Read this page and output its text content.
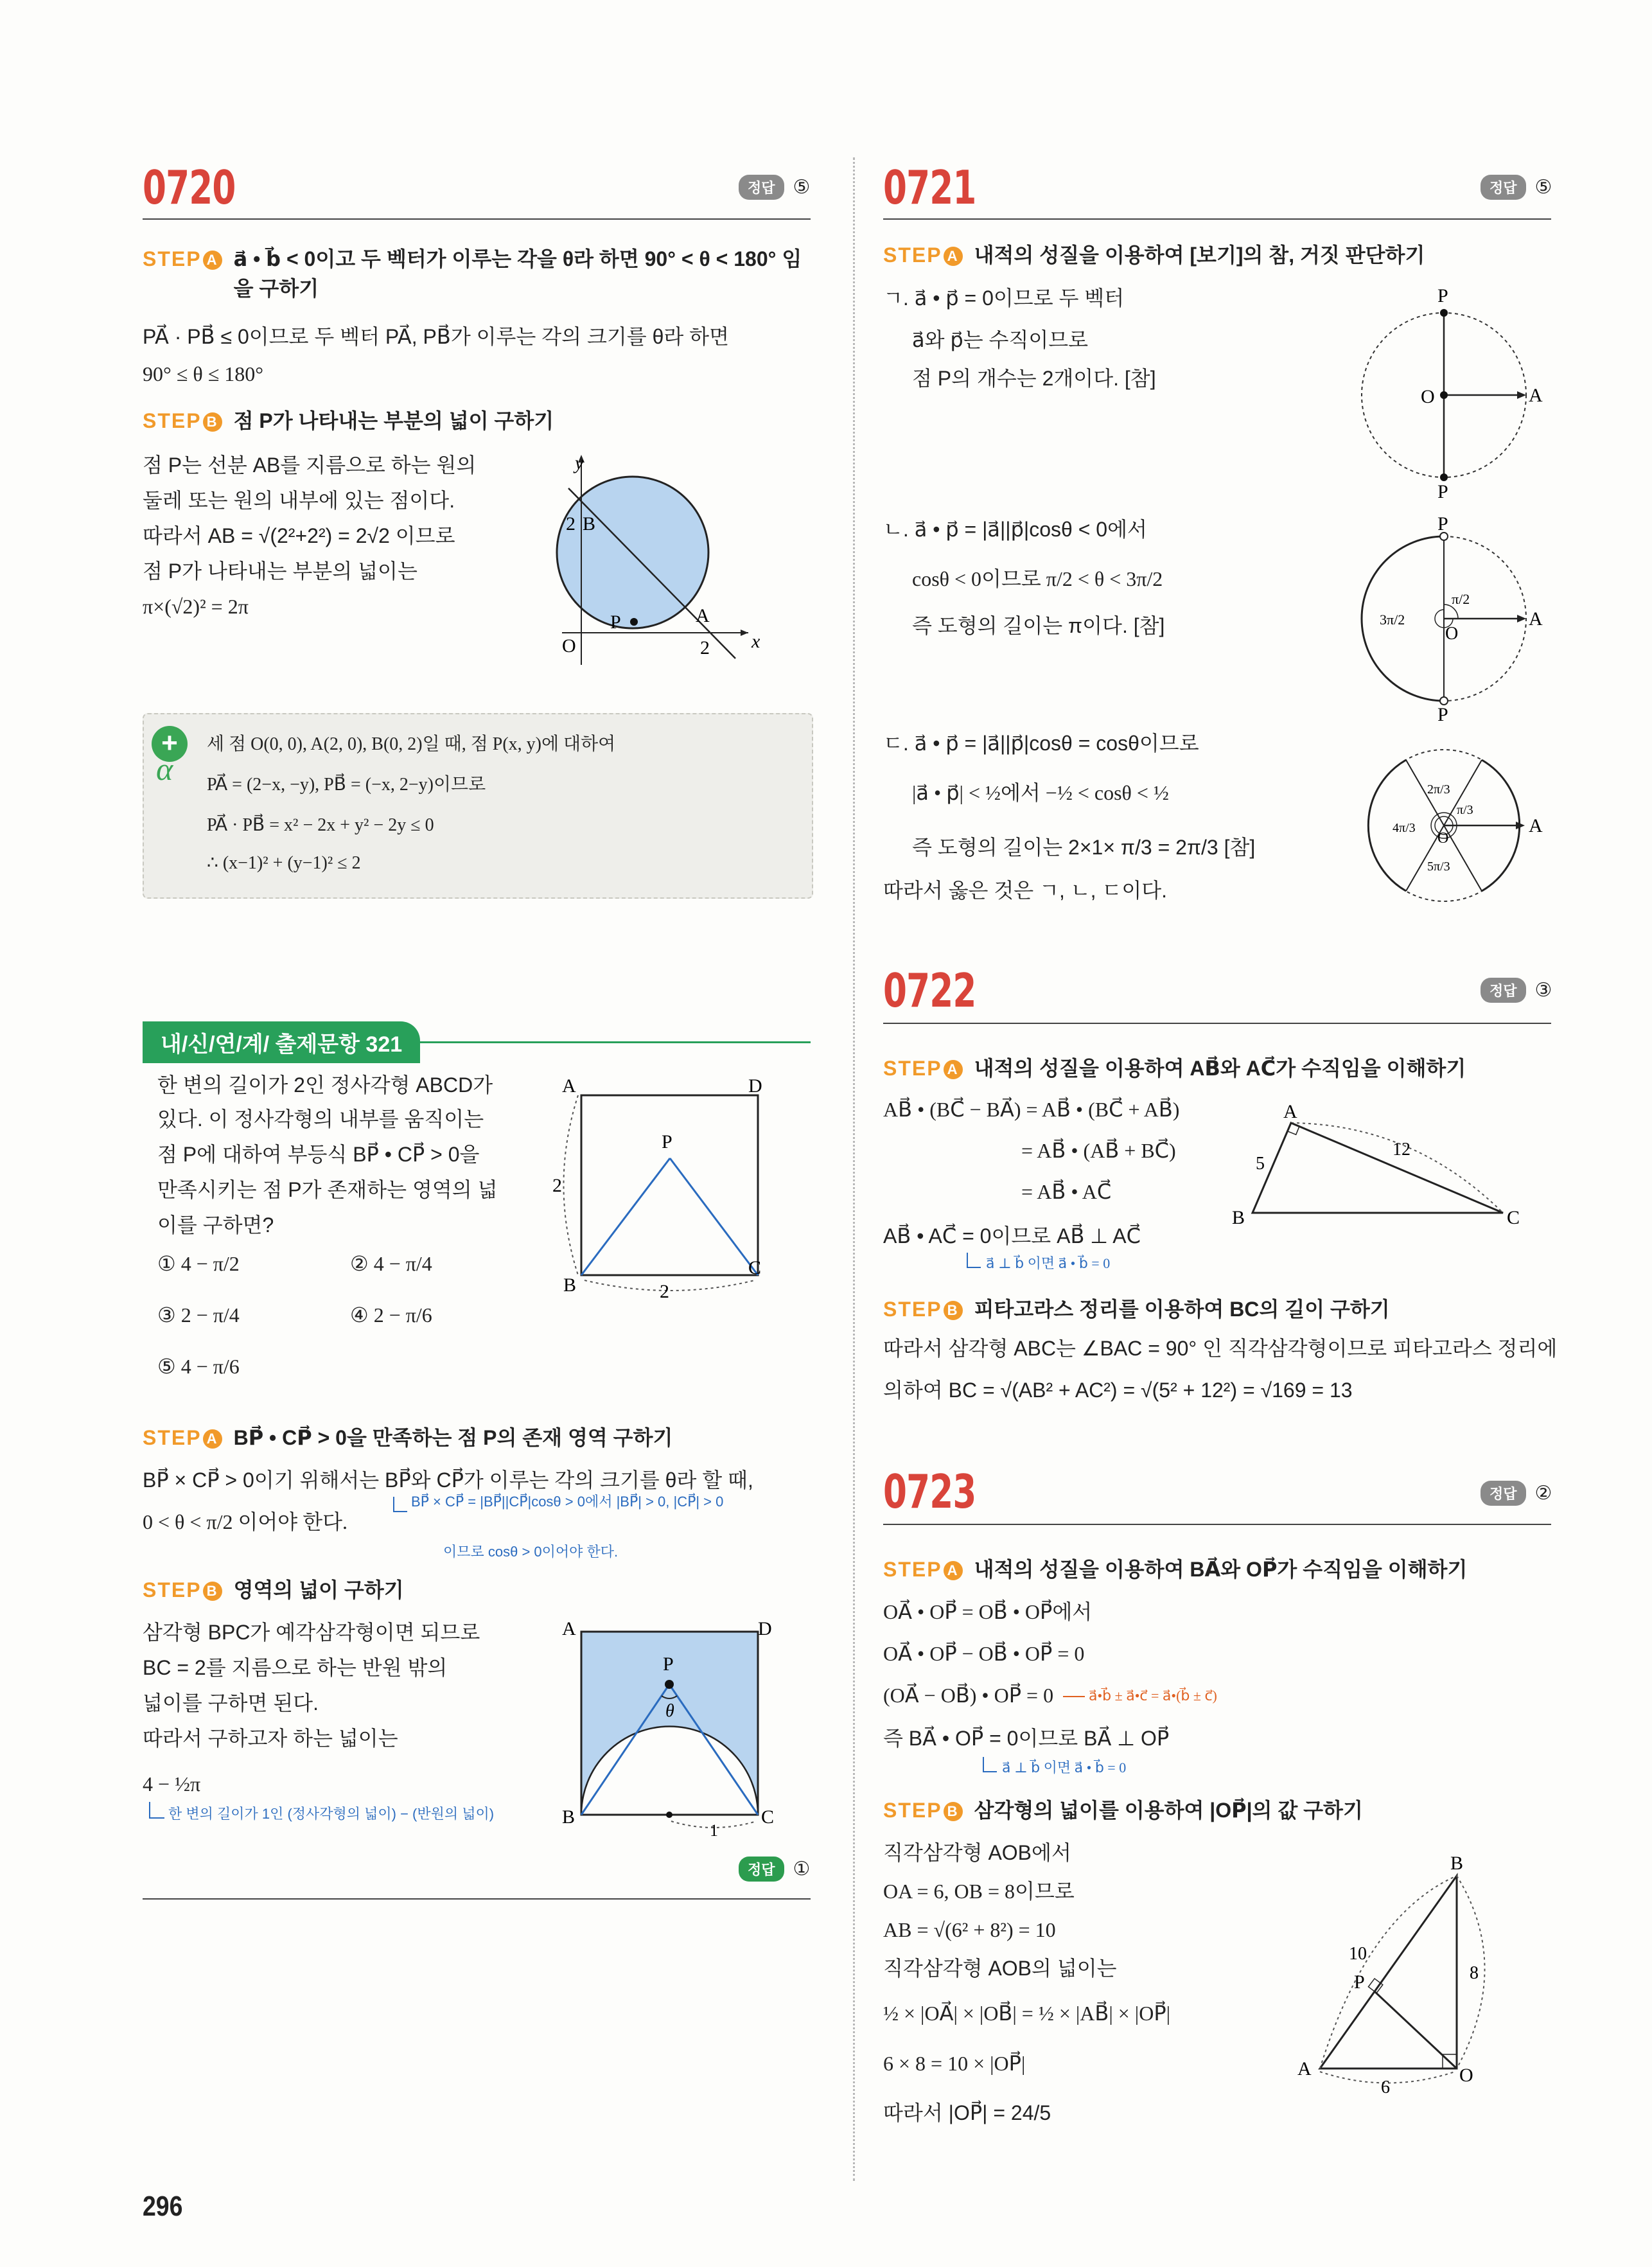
0720	정답 ⑤
STEP A a⃗ • b⃗ < 0이고 두 벡터가 이루는 각을 θ라 하면 90° < θ < 180° 임을 구하기
PA⃗ · PB⃗ ≤ 0이므로 두 벡터 PA⃗, PB⃗가 이루는 각의 크기를 θ라 하면
90° ≤ θ ≤ 180°
STEP B 점 P가 나타내는 부분의 넓이 구하기
점 P는 선분 AB를 지름으로 하는 원의
둘레 또는 원의 내부에 있는 점이다.
따라서 AB = √(2²+2²) = 2√2 이므로
점 P가 나타내는 부분의 넓이는
π×(√2)² = 2π
y
x
O
2 B
A
2
P
+
α
세 점 O(0, 0), A(2, 0), B(0, 2)일 때, 점 P(x, y)에 대하여
PA⃗ = (2−x, −y), PB⃗ = (−x, 2−y)이므로
PA⃗ · PB⃗ = x² − 2x + y² − 2y ≤ 0
∴ (x−1)² + (y−1)² ≤ 2
내/신/연/계/ 출제문항 321
한 변의 길이가 2인 정사각형 ABCD가
있다. 이 정사각형의 내부를 움직이는
점 P에 대하여 부등식 BP⃗ • CP⃗ > 0을
만족시키는 점 P가 존재하는 영역의 넓
이를 구하면?
① 4 − π/2	② 4 − π/4
③ 2 − π/4	④ 2 − π/6
⑤ 4 − π/6
A	D
B
C
P
2
2
STEP A BP⃗ • CP⃗ > 0을 만족하는 점 P의 존재 영역 구하기
BP⃗ × CP⃗ > 0이기 위해서는 BP⃗와 CP⃗가 이루는 각의 크기를 θ라 할 때,
0 < θ < π/2 이어야 한다.
BP⃗ × CP⃗ = |BP⃗||CP⃗|cosθ > 0에서 |BP⃗| > 0, |CP⃗| > 0
이므로 cosθ > 0이어야 한다.
STEP B 영역의 넓이 구하기
삼각형 BPC가 예각삼각형이면 되므로
BC = 2를 지름으로 하는 반원 밖의
넓이를 구하면 된다.
따라서 구하고자 하는 넓이는
4 − ½π
한 변의 길이가 1인 (정사각형의 넓이) − (반원의 넓이)
A	D
B	C
P
θ
1
정답 ①
0721	정답 ⑤
STEP A 내적의 성질을 이용하여 [보기]의 참, 거짓 판단하기
ㄱ. a⃗ • p⃗ = 0이므로 두 벡터
a⃗와 p⃗는 수직이므로
점 P의 개수는 2개이다. [참]
P
P
O	A
ㄴ. a⃗ • p⃗ = |a⃗||p⃗|cosθ < 0에서
cosθ < 0이므로 π/2 < θ < 3π/2
즉 도형의 길이는 π이다. [참]
P
P
O
A
π/2
3π/2
ㄷ. a⃗ • p⃗ = |a⃗||p⃗|cosθ = cosθ이므로
|a⃗ • p⃗| < ½에서 −½ < cosθ < ½
즉 도형의 길이는 2×1× π/3 = 2π/3 [참]
따라서 옳은 것은 ㄱ, ㄴ, ㄷ이다.
O
A
2π/3
π/3
4π/3
5π/3
0722	정답 ③
STEP A 내적의 성질을 이용하여 AB⃗와 AC⃗가 수직임을 이해하기
AB⃗ • (BC⃗ − BA⃗) = AB⃗ • (BC⃗ + AB⃗)
= AB⃗ • (AB⃗ + BC⃗)
= AB⃗ • AC⃗
AB⃗ • AC⃗ = 0이므로 AB⃗ ⊥ AC⃗
a⃗ ⊥ b⃗ 이면 a⃗ • b⃗ = 0
A
B	C
5
12
STEP B 피타고라스 정리를 이용하여 BC의 길이 구하기
따라서 삼각형 ABC는 ∠BAC = 90° 인 직각삼각형이므로 피타고라스 정리에
의하여 BC = √(AB² + AC²) = √(5² + 12²) = √169 = 13
0723	정답 ②
STEP A 내적의 성질을 이용하여 BA⃗와 OP⃗가 수직임을 이해하기
OA⃗ • OP⃗ = OB⃗ • OP⃗에서
OA⃗ • OP⃗ − OB⃗ • OP⃗ = 0
(OA⃗ − OB⃗) • OP⃗ = 0 a⃗•b⃗ ± a⃗•c⃗ = a⃗•(b⃗ ± c⃗)
즉 BA⃗ • OP⃗ = 0이므로 BA⃗ ⊥ OP⃗
a⃗ ⊥ b⃗ 이면 a⃗ • b⃗ = 0
STEP B 삼각형의 넓이를 이용하여 |OP⃗|의 값 구하기
직각삼각형 AOB에서
OA = 6, OB = 8이므로
AB = √(6² + 8²) = 10
직각삼각형 AOB의 넓이는
½ × |OA⃗| × |OB⃗| = ½ × |AB⃗| × |OP⃗|
6 × 8 = 10 × |OP⃗|
따라서 |OP⃗| = 24/5
A
B
O
P
10
8
6
296
